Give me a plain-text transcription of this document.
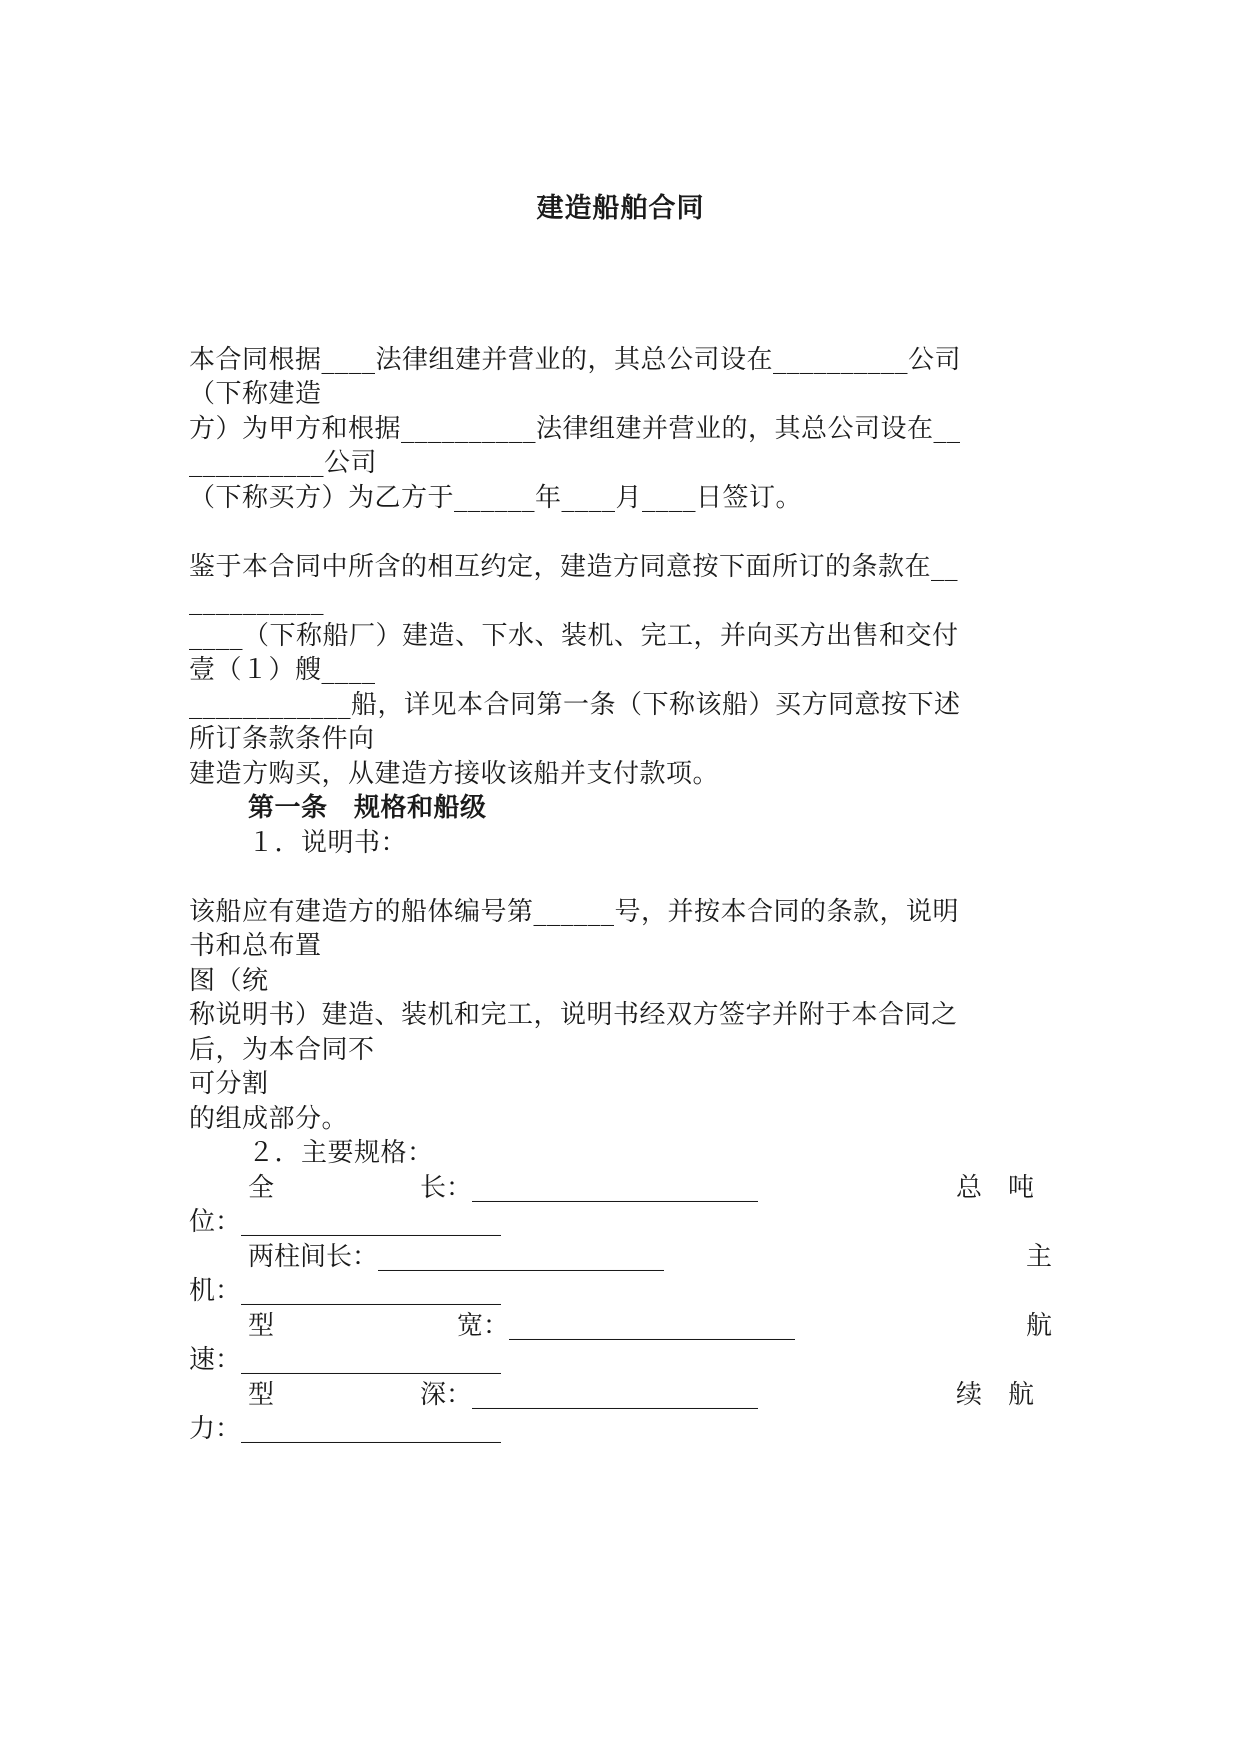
建造船舶合同
本合同根据____法律组建并营业的，其总公司设在__________公司
（下称建造
方）为甲方和根据__________法律组建并营业的，其总公司设在__
__________公司
（下称买方）为乙方于______年____月____日签订。
鉴于本合同中所含的相互约定，建造方同意按下面所订的条款在__
__________
____（下称船厂）建造、下水、装机、完工，并向买方出售和交付
壹（１）艘____
____________船，详见本合同第一条（下称该船）买方同意按下述
所订条款条件向
建造方购买，从建造方接收该船并支付款项。
第一条　规格和船级
１．说明书：
该船应有建造方的船体编号第______号，并按本合同的条款，说明
书和总布置
图（统
称说明书）建造、装机和完工，说明书经双方签字并附于本合同之
后，为本合同不
可分割
的组成部分。
２．主要规格：
全	长：______________________	总　吨
位：____________________
两柱间长：______________________	主
机：____________________
型	宽：______________________	航
速：____________________
型	深：______________________	续　航
力：____________________
